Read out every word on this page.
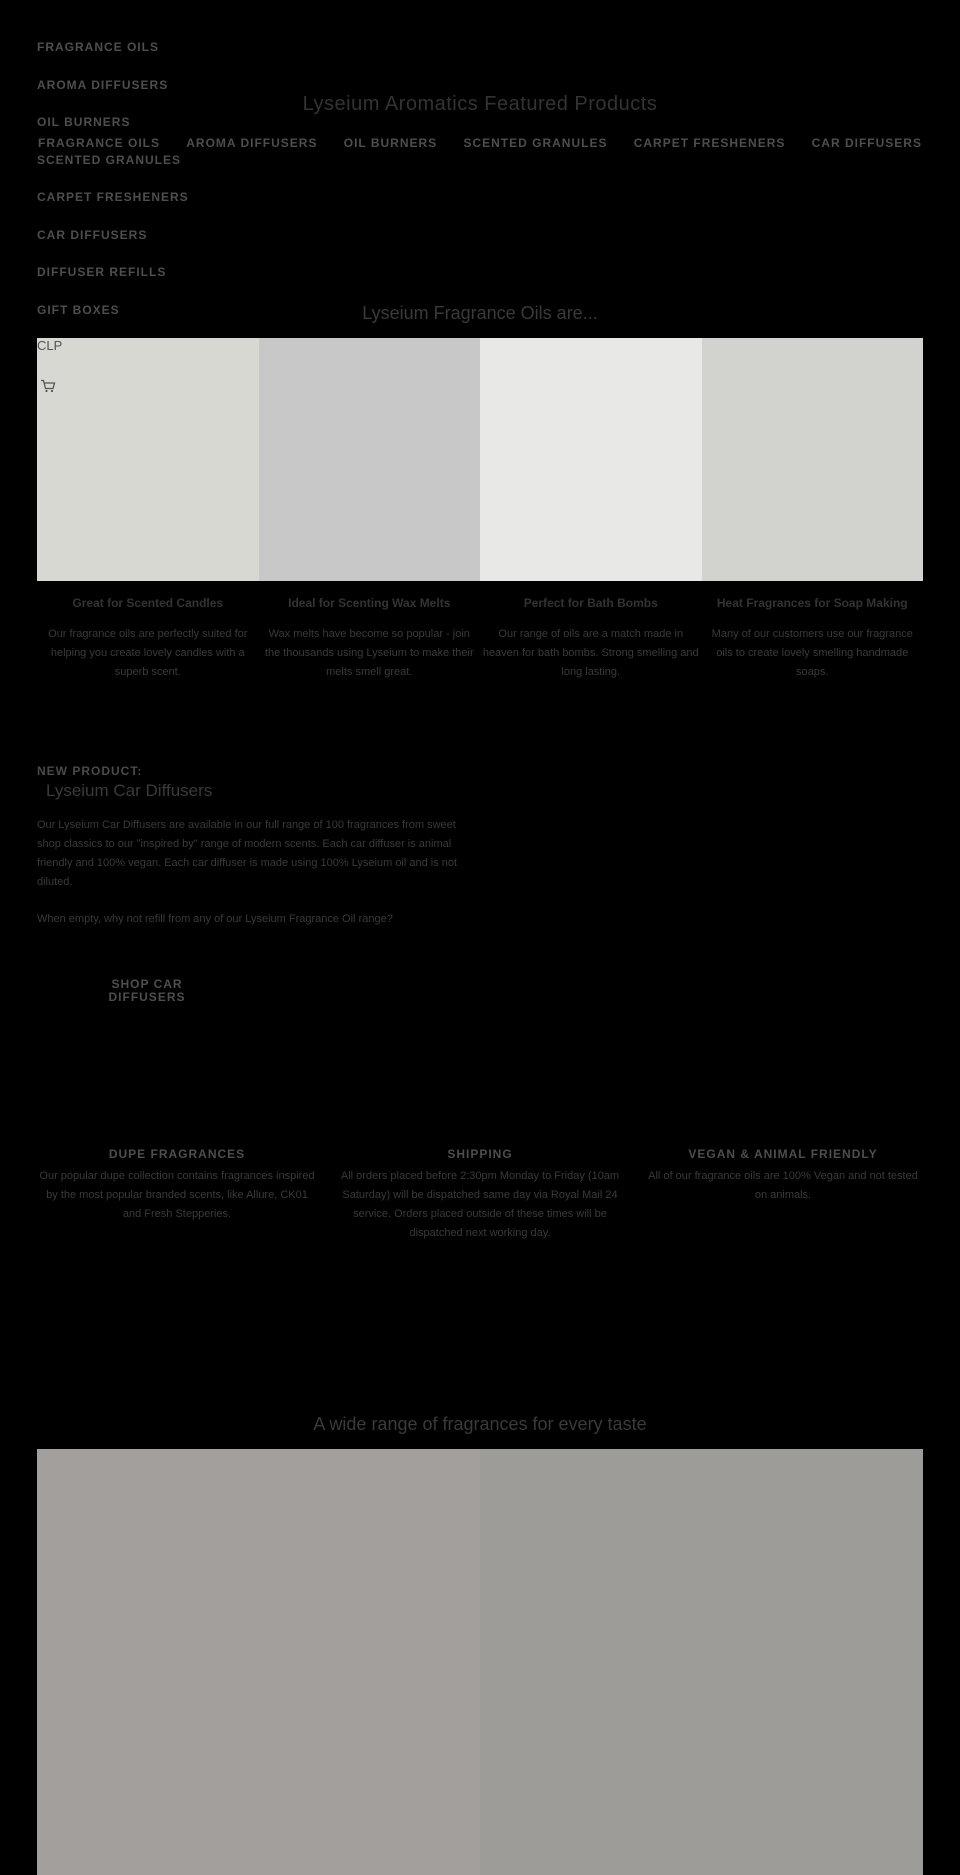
FRAGRANCE OILS
AROMA DIFFUSERS
OIL BURNERS
SCENTED GRANULES
CARPET FRESHENERS
CAR DIFFUSERS
DIFFUSER REFILLS
GIFT BOXES
Lyseium Aromatics Featured Products
FRAGRANCE OILS AROMA DIFFUSERS OIL BURNERS SCENTED GRANULES CARPET FRESHENERS CAR DIFFUSERS
Lyseium Fragrance Oils are...
Great for Scented Candles
Our fragrance oils are perfectly suited for helping you create lovely candles with a superb scent.
Ideal for Scenting Wax Melts
Wax melts have become so popular - join the thousands using Lyseium to make their melts smell great.
Perfect for Bath Bombs
Our range of oils are a match made in heaven for bath bombs. Strong smelling and long lasting.
Heat Fragrances for Soap Making
Many of our customers use our fragrance oils to create lovely smelling handmade soaps.
CLP
NEW PRODUCT:
Lyseium Car Diffusers

Our Lyseium Car Diffusers are available in our full range of 100 fragrances from sweet shop classics to our "inspired by" range of modern scents. Each car diffuser is animal friendly and 100% vegan. Each car diffuser is made using 100% Lyseium oil and is not diluted.

When empty, why not refill from any of our Lyseium Fragrance Oil range?

SHOP CAR DIFFUSERS
DUPE FRAGRANCES
Our popular dupe collection contains fragrances inspired by the most popular branded scents, like Allure, CK01 and Fresh Stepperies.
SHIPPING
All orders placed before 2:30pm Monday to Friday (10am Saturday) will be dispatched same day via Royal Mail 24 service. Orders placed outside of these times will be dispatched next working day.
VEGAN & ANIMAL FRIENDLY
All of our fragrance oils are 100% Vegan and not tested on animals.
A wide range of fragrances for every taste
